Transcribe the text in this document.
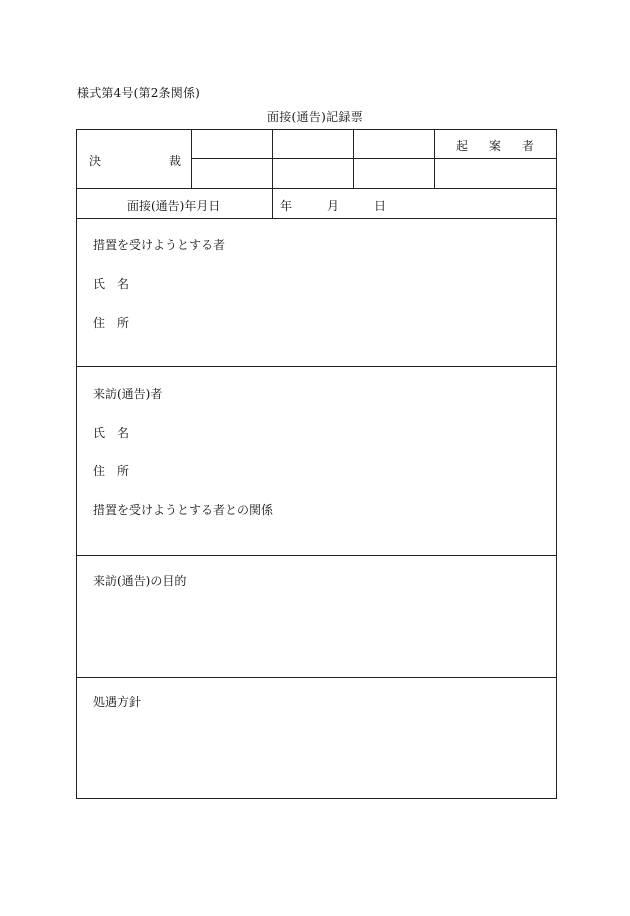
様式第4号(第2条関係)
面接(通告)記録票
決	裁
起 案 者
面接(通告)年月日	年	月	日
措置を受けようとする者
氏　名
住　所
来訪(通告)者
氏　名
住　所
措置を受けようとする者との関係
来訪(通告)の目的
処遇方針
